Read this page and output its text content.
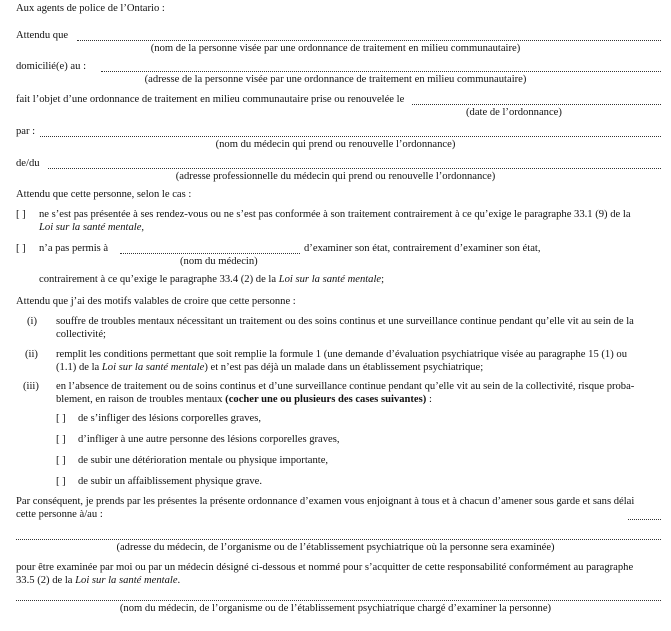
Aux agents de police de l’Ontario :
Attendu que
(nom de la personne visée par une ordonnance de traitement en milieu communautaire)
domicilié(e) au :
(adresse de la personne visée par une ordonnance de traitement en milieu communautaire)
fait l’objet d’une ordonnance de traitement en milieu communautaire prise ou renouvelée le
(date de l’ordonnance)
par :
(nom du médecin qui prend ou renouvelle l’ordonnance)
de/du
(adresse professionnelle du médecin qui prend ou renouvelle l’ordonnance)
Attendu que cette personne, selon le cas :
[ ] ne s’est pas présentée à ses rendez-vous ou ne s’est pas conformée à son traitement contrairement à ce qu’exige le paragraphe 33.1 (9) de la
Loi sur la santé mentale,
[ ] n’a pas permis à	d’examiner son état, contrairement d’examiner son état,
(nom du médecin)
contrairement à ce qu’exige le paragraphe 33.4 (2) de la Loi sur la santé mentale;
Attendu que j’ai des motifs valables de croire que cette personne :
(i) souffre de troubles mentaux nécessitant un traitement ou des soins continus et une surveillance continue pendant qu’elle vit au sein de la
collectivité;
(ii) remplit les conditions permettant que soit remplie la formule 1 (une demande d’évaluation psychiatrique visée au paragraphe 15 (1) ou
(1.1) de la Loi sur la santé mentale) et n’est pas déjà un malade dans un établissement psychiatrique;
(iii) en l’absence de traitement ou de soins continus et d’une surveillance continue pendant qu’elle vit au sein de la collectivité, risque proba-
blement, en raison de troubles mentaux (cocher une ou plusieurs des cases suivantes) :
[ ] de s’infliger des lésions corporelles graves,
[ ] d’infliger à une autre personne des lésions corporelles graves,
[ ] de subir une détérioration mentale ou physique importante,
[ ] de subir un affaiblissement physique grave.
Par conséquent, je prends par les présentes la présente ordonnance d’examen vous enjoignant à tous et à chacun d’amener sous garde et sans délai
cette personne à/au :
(adresse du médecin, de l’organisme ou de l’établissement psychiatrique où la personne sera examinée)
pour être examinée par moi ou par un médecin désigné ci-dessous et nommé pour s’acquitter de cette responsabilité conformément au paragraphe
33.5 (2) de la Loi sur la santé mentale.
(nom du médecin, de l’organisme ou de l’établissement psychiatrique chargé d’examiner la personne)
